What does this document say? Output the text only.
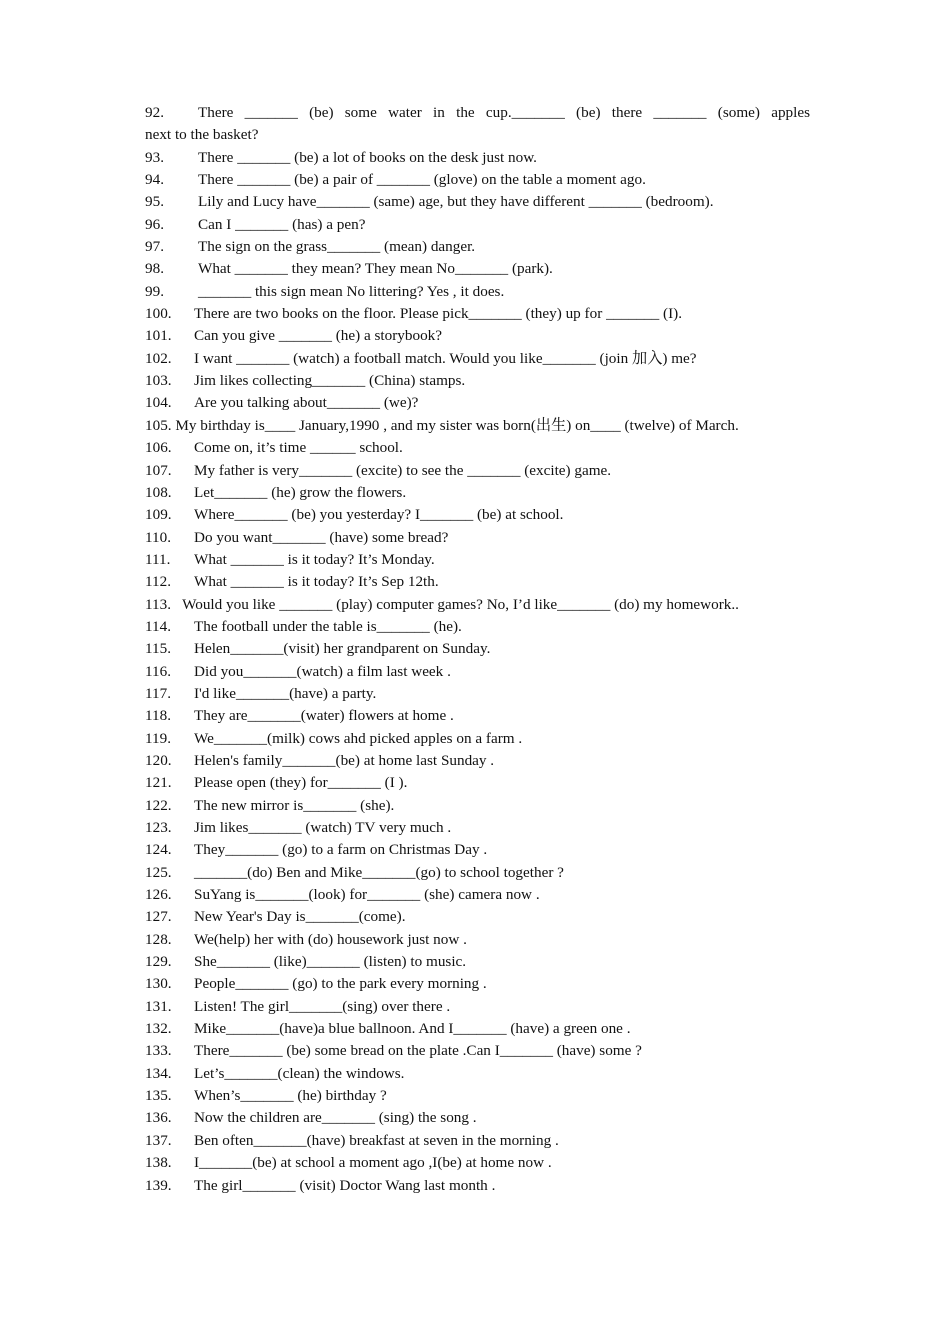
92. There _______ (be) some water in the cup._______ (be) there _______ (some) apples
next to the basket?
93. There _______ (be) a lot of books on the desk just now.
94. There _______ (be) a pair of _______ (glove) on the table a moment ago.
95. Lily and Lucy have_______ (same) age, but they have different _______ (bedroom).
96. Can I _______ (has) a pen?
97. The sign on the grass_______ (mean) danger.
98. What _______ they mean? They mean No_______ (park).
99. _______ this sign mean No littering? Yes , it does.
100. There are two books on the floor. Please pick_______ (they) up for _______ (I).
101. Can you give _______ (he) a storybook?
102. I want _______ (watch) a football match. Would you like_______ (join 加入) me?
103. Jim likes collecting_______ (China) stamps.
104. Are you talking about_______ (we)?
105. My birthday is____ January,1990 , and my sister was born(出生) on____ (twelve) of March.
106. Come on, it’s time ______ school.
107. My father is very_______ (excite) to see the _______ (excite) game.
108. Let_______ (he) grow the flowers.
109. Where_______ (be) you yesterday? I_______ (be) at school.
110. Do you want_______ (have) some bread?
111. What _______ is it today? It’s Monday.
112. What _______ is it today? It’s Sep 12th.
113.   Would you like _______ (play) computer games? No, I’d like_______ (do) my homework..
114. The football under the table is_______ (he).
115. Helen_______(visit) her grandparent on Sunday.
116. Did you_______(watch) a film last week .
117. I'd like_______(have) a party.
118. They are_______(water) flowers at home .
119. We_______(milk) cows ahd picked apples on a farm .
120. Helen's family_______(be) at home last Sunday .
121. Please open (they) for_______ (I ).
122. The new mirror is_______ (she).
123. Jim likes_______ (watch) TV very much .
124. They_______ (go) to a farm on Christmas Day .
125. _______(do) Ben and Mike_______(go) to school together ?
126. SuYang is_______(look) for_______ (she) camera now .
127. New Year's Day is_______(come).
128. We(help) her with (do) housework just now .
129. She_______ (like)_______ (listen) to music.
130. People_______ (go) to the park every morning .
131. Listen! The girl_______(sing) over there .
132. Mike_______(have)a blue ballnoon. And I_______ (have) a green one .
133. There_______ (be) some bread on the plate .Can I_______ (have) some ?
134. Let’s_______(clean) the windows.
135. When’s_______ (he) birthday ?
136. Now the children are_______ (sing) the song .
137. Ben often_______(have) breakfast at seven in the morning .
138. I_______(be) at school a moment ago ,I(be) at home now .
139. The girl_______ (visit) Doctor Wang last month .
